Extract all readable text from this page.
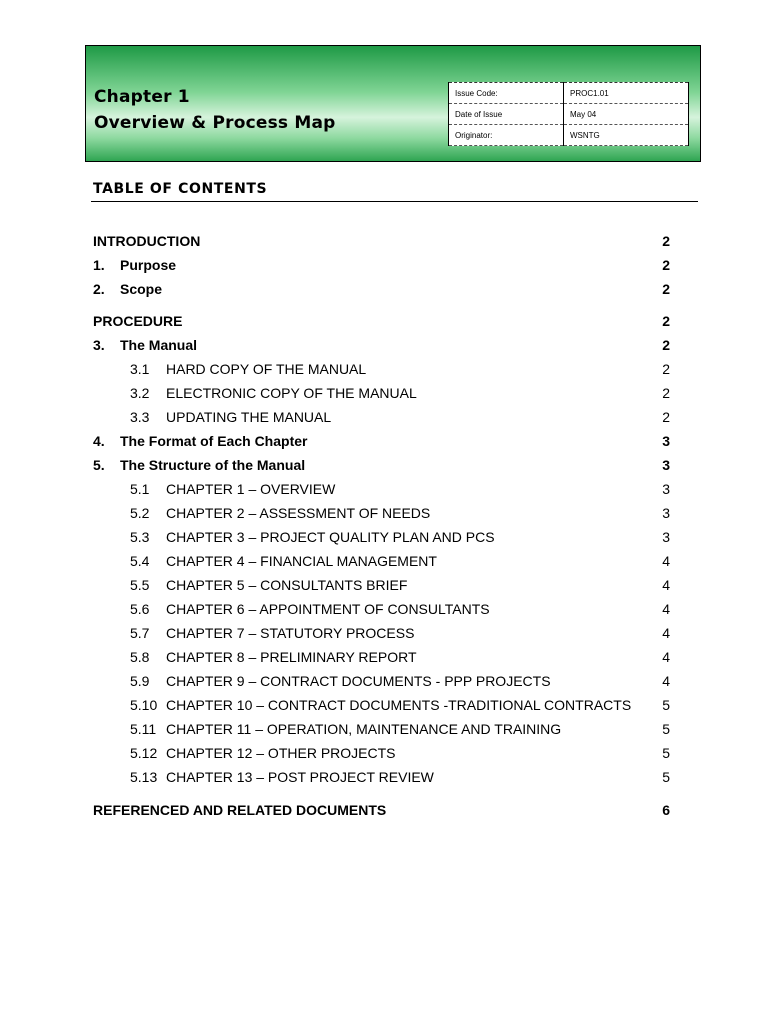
Chapter 1
Overview & Process Map
Issue Code:	PROC1.01
Date of Issue	May 04
Originator:	WSNTG
TABLE OF CONTENTS
INTRODUCTION	2
1. Purpose	2
2. Scope	2
PROCEDURE	2
3. The Manual	2
3.1 HARD COPY OF THE MANUAL	2
3.2 ELECTRONIC COPY OF THE MANUAL	2
3.3 UPDATING THE MANUAL	2
4. The Format of Each Chapter	3
5. The Structure of the Manual	3
5.1 CHAPTER 1 – OVERVIEW	3
5.2 CHAPTER 2 – ASSESSMENT OF NEEDS	3
5.3 CHAPTER 3 – PROJECT QUALITY PLAN AND PCS	3
5.4 CHAPTER 4 – FINANCIAL MANAGEMENT	4
5.5 CHAPTER 5 – CONSULTANTS BRIEF	4
5.6 CHAPTER 6 – APPOINTMENT OF CONSULTANTS	4
5.7 CHAPTER 7 – STATUTORY PROCESS	4
5.8 CHAPTER 8 – PRELIMINARY REPORT	4
5.9 CHAPTER 9 – CONTRACT DOCUMENTS - PPP PROJECTS	4
5.10 CHAPTER 10 – CONTRACT DOCUMENTS -TRADITIONAL CONTRACTS 5
5.11 CHAPTER 11 – OPERATION, MAINTENANCE AND TRAINING	5
5.12 CHAPTER 12 – OTHER PROJECTS	5
5.13 CHAPTER 13 – POST PROJECT REVIEW	5
REFERENCED AND RELATED DOCUMENTS	6
